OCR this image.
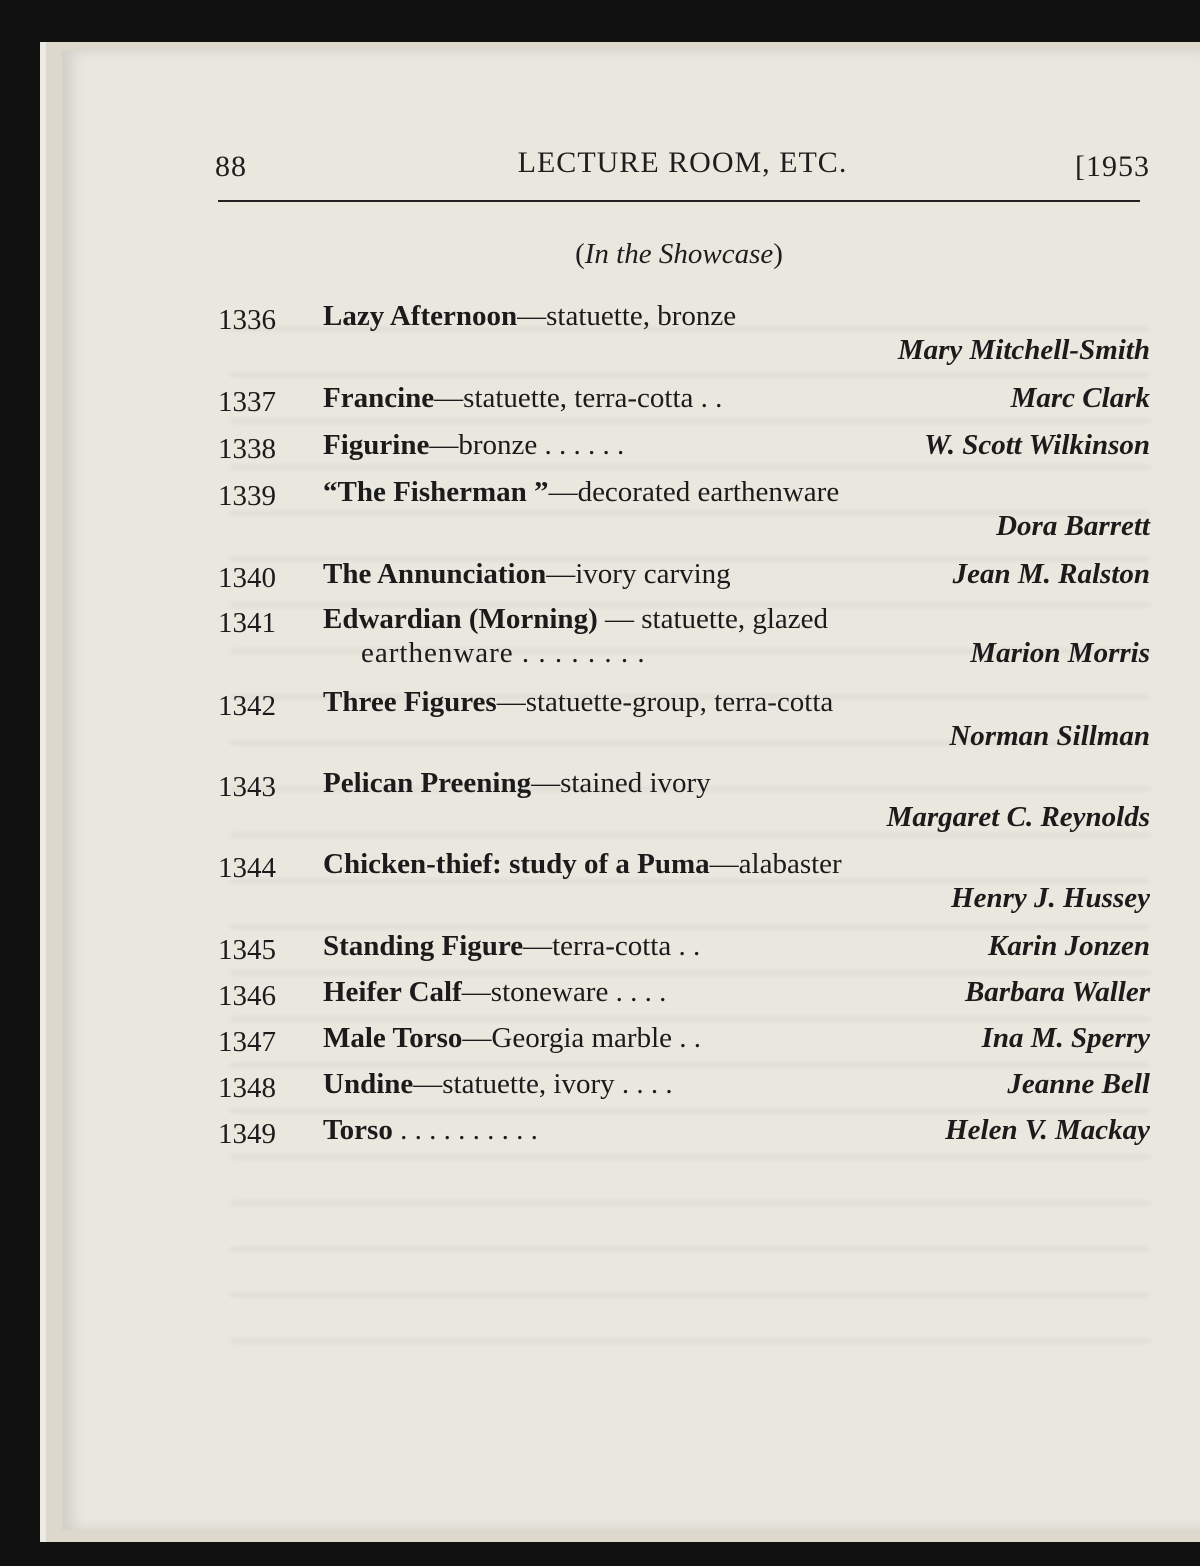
88	LECTURE ROOM, ETC.	[1953
(In the Showcase)
1336 Lazy Afternoon—statuette, bronze
Mary Mitchell-Smith
1337 Francine—statuette, terra-cotta . .	Marc Clark
1338 Figurine—bronze . . . . . .	W. Scott Wilkinson
1339 “The Fisherman ”—decorated earthenware
Dora Barrett
1340 The Annunciation—ivory carving	Jean M. Ralston
1341 Edwardian (Morning) — statuette, glazed
earthenware . . . . . . . .	Marion Morris
1342 Three Figures—statuette-group, terra-cotta
Norman Sillman
1343 Pelican Preening—stained ivory
Margaret C. Reynolds
1344 Chicken-thief: study of a Puma—alabaster
Henry J. Hussey
1345 Standing Figure—terra-cotta . .	Karin Jonzen
1346 Heifer Calf—stoneware . . . .	Barbara Waller
1347 Male Torso—Georgia marble . .	Ina M. Sperry
1348 Undine—statuette, ivory . . . .	Jeanne Bell
1349 Torso . . . . . . . . . .	Helen V. Mackay
